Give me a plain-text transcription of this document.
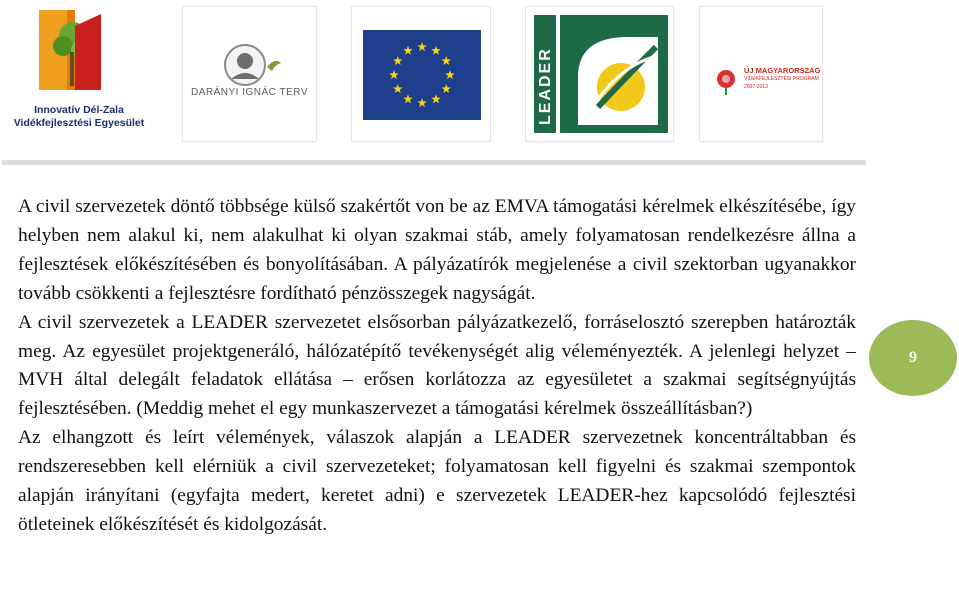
Innovatív Dél-Zala
Vidékfejlesztési Egyesület
DARÁNYI IGNÁC TERV	LEADER	ÚJ MAGYARORSZÁG
VIDÉKFEJLESZTÉSI PROGRAM
2007-2013

A civil szervezetek döntő többsége külső szakértőt von be az EMVA támogatási kérelmek elkészítésébe, így helyben nem alakul ki, nem alakulhat ki olyan szakmai stáb, amely folyamatosan rendelkezésre állna a fejlesztések előkészítésében és bonyolításában. A pályázatírók megjelenése a civil szektorban ugyanakkor tovább csökkenti a fejlesztésre fordítható pénzösszegek nagyságát.

A civil szervezetek a LEADER szervezetet elsősorban pályázatkezelő, forráselosztó szerepben határozták meg. Az egyesület projektgeneráló, hálózatépítő tevékenységét alig véleményezték. A jelenlegi helyzet – MVH által delegált feladatok ellátása – erősen korlátozza az egyesületet a szakmai segítségnyújtás fejlesztésében. (Meddig mehet el egy munkaszervezet a támogatási kérelmek összeállításban?)

Az elhangzott és leírt vélemények, válaszok alapján a LEADER szervezetnek koncentráltabban és rendszeresebben kell elérniük a civil szervezeteket; folyamatosan kell figyelni és szakmai szempontok alapján irányítani (egyfajta medert, keretet adni) e szervezetek LEADER-hez kapcsolódó fejlesztési ötleteinek előkészítését és kidolgozását.

9
